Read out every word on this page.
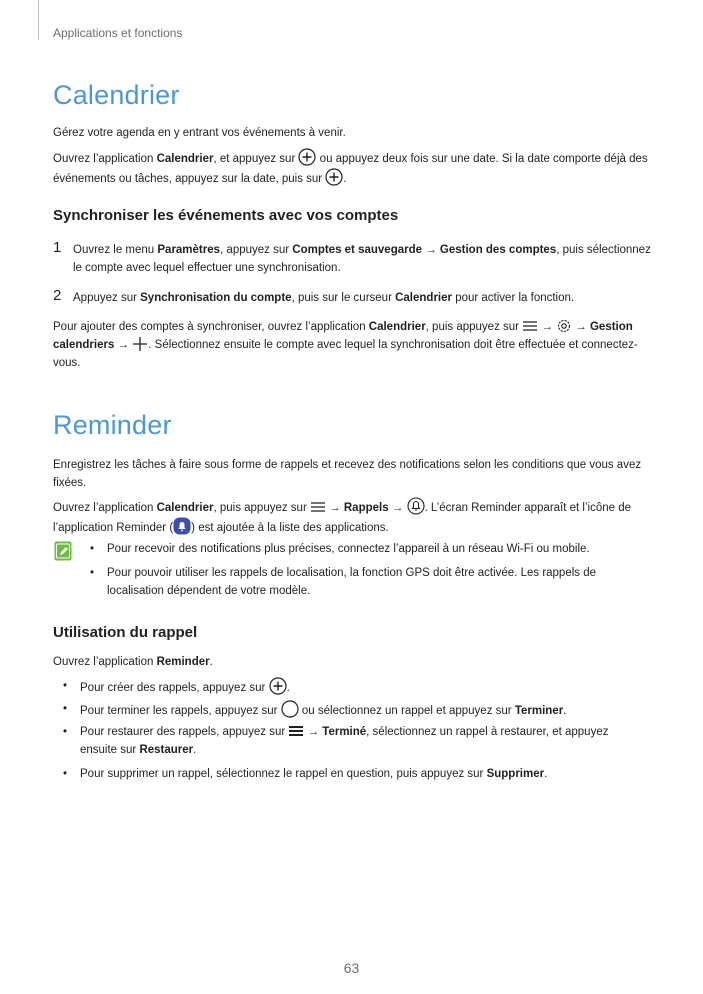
Applications et fonctions
Calendrier
Gérez votre agenda en y entrant vos événements à venir.
Ouvrez l’application Calendrier, et appuyez sur
ou appuyez deux fois sur une date. Si la date comporte déjà des événements ou tâches, appuyez sur la date, puis sur
.
Synchroniser les événements avec vos comptes
1 Ouvrez le menu Paramètres, appuyez sur Comptes et sauvegarde → Gestion des comptes, puis sélectionnez le compte avec lequel effectuer une synchronisation.
2 Appuyez sur Synchronisation du compte, puis sur le curseur Calendrier pour activer la fonction.
Pour ajouter des comptes à synchroniser, ouvrez l’application Calendrier, puis appuyez sur
→
→ Gestion calendriers →
. Sélectionnez ensuite le compte avec lequel la synchronisation doit être effectuée et connectez-vous.
Reminder
Enregistrez les tâches à faire sous forme de rappels et recevez des notifications selon les conditions que vous avez fixées.
Ouvrez l’application Calendrier, puis appuyez sur
→ Rappels →
. L’écran Reminder apparaît et l’icône de l’application Reminder ( ) est ajoutée à la liste des applications.
• Pour recevoir des notifications plus précises, connectez l’appareil à un réseau Wi-Fi ou mobile.
• Pour pouvoir utiliser les rappels de localisation, la fonction GPS doit être activée. Les rappels de localisation dépendent de votre modèle.
Utilisation du rappel
Ouvrez l’application Reminder.
• Pour créer des rappels, appuyez sur
.
• Pour terminer les rappels, appuyez sur
ou sélectionnez un rappel et appuyez sur Terminer.
• Pour restaurer des rappels, appuyez sur
→ Terminé, sélectionnez un rappel à restaurer, et appuyez ensuite sur Restaurer.
• Pour supprimer un rappel, sélectionnez le rappel en question, puis appuyez sur Supprimer.
63
